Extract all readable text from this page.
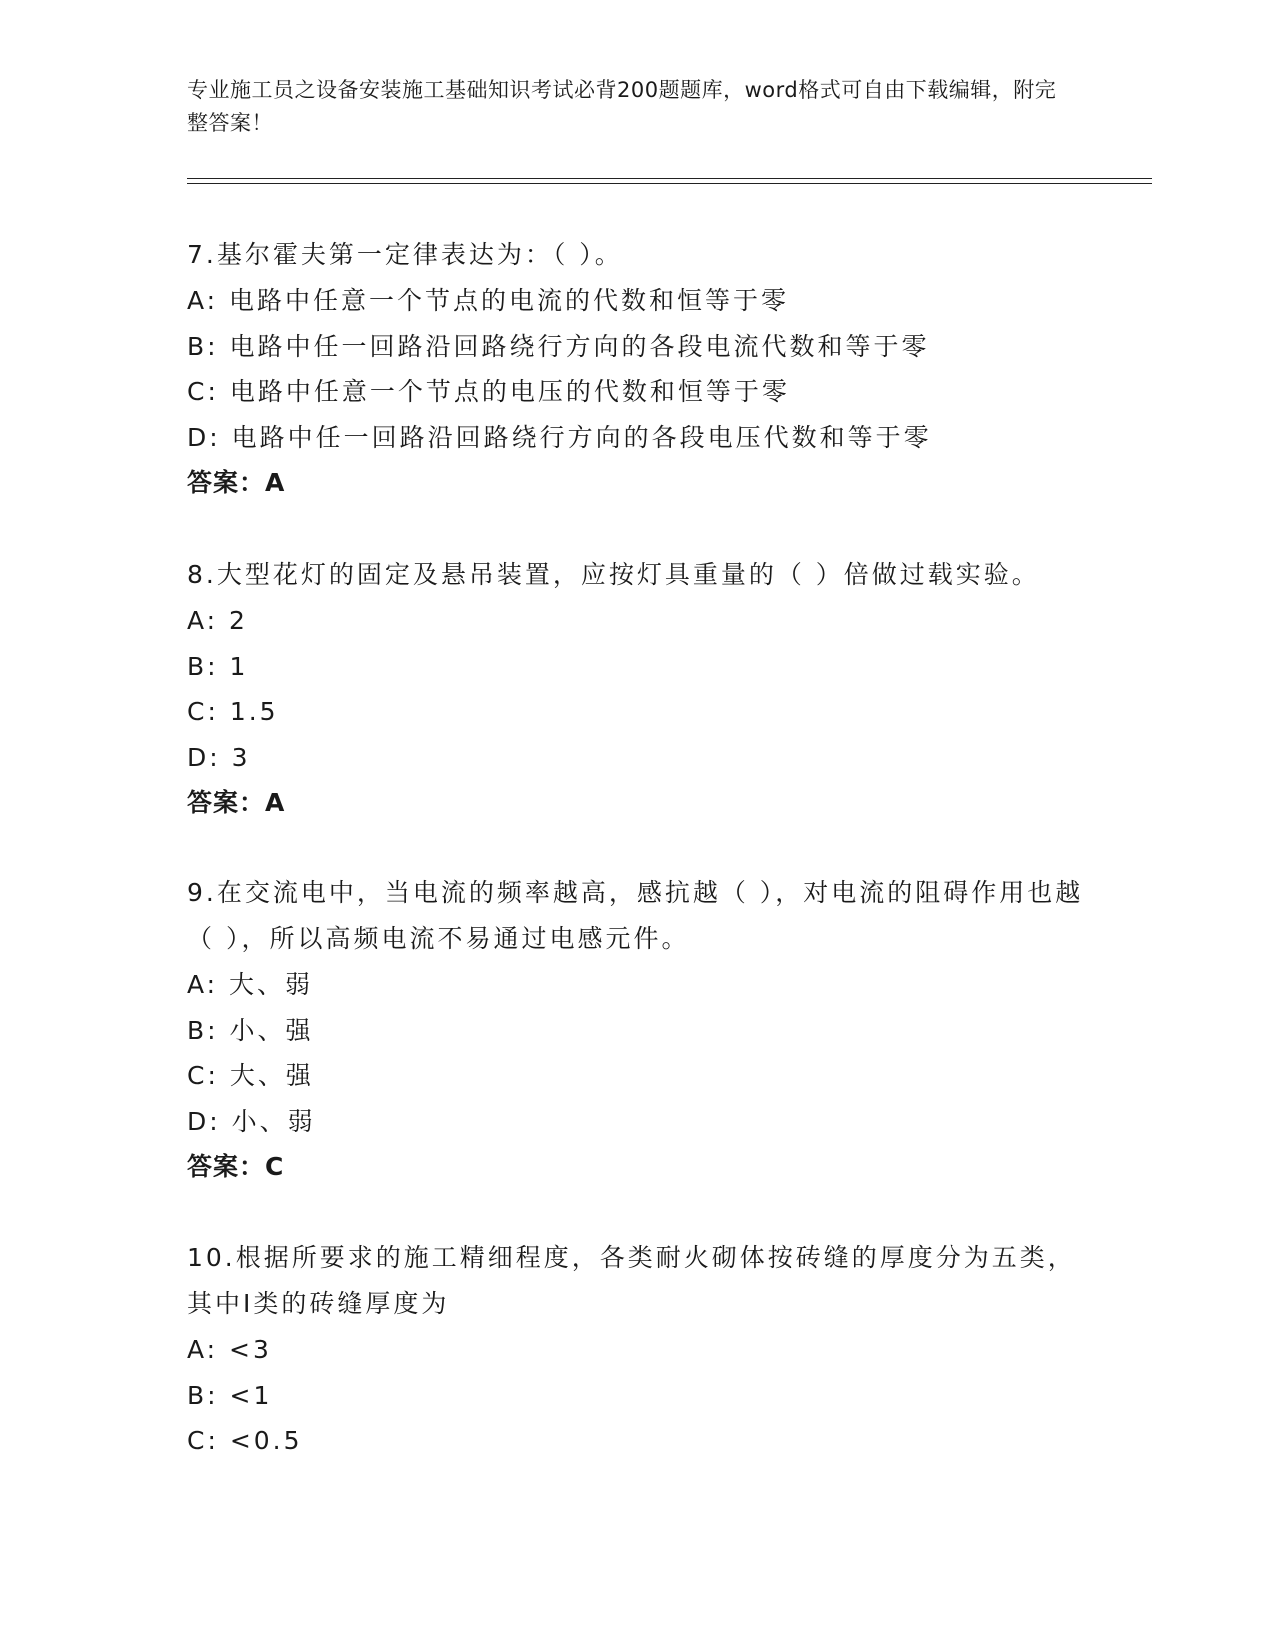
专业施工员之设备安装施工基础知识考试必背200题题库，word格式可自由下载编辑，附完整答案！
7.基尔霍夫第一定律表达为：（ ）。
A: 电路中任意一个节点的电流的代数和恒等于零
B: 电路中任一回路沿回路绕行方向的各段电流代数和等于零
C: 电路中任意一个节点的电压的代数和恒等于零
D: 电路中任一回路沿回路绕行方向的各段电压代数和等于零
答案：A
8.大型花灯的固定及悬吊装置，应按灯具重量的（ ）倍做过载实验。
A: 2
B: 1
C: 1.5
D: 3
答案：A
9.在交流电中，当电流的频率越高，感抗越（ ），对电流的阻碍作用也越（ ），所以高频电流不易通过电感元件。
A: 大、弱
B: 小、强
C: 大、强
D: 小、弱
答案：C
10.根据所要求的施工精细程度，各类耐火砌体按砖缝的厚度分为五类，其中Ⅰ类的砖缝厚度为
A: <3
B: <1
C: <0.5
